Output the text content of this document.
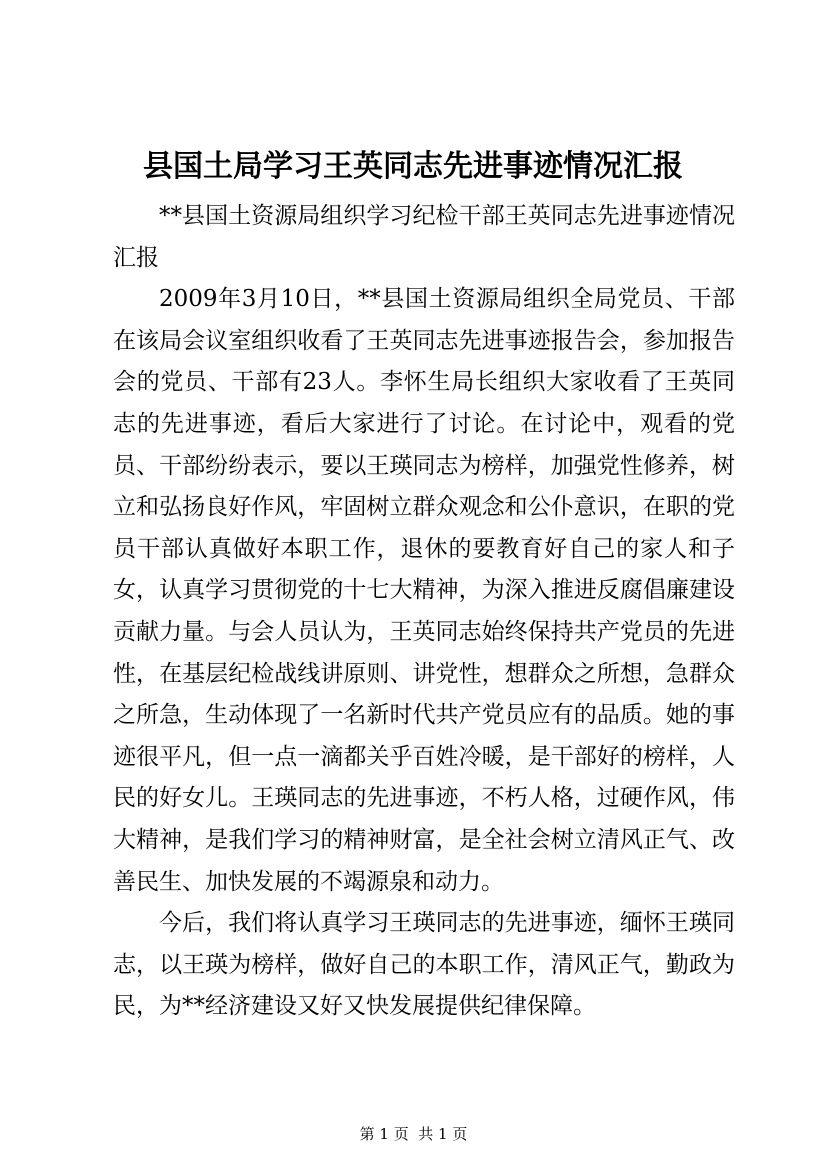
县国土局学习王英同志先进事迹情况汇报

**县国土资源局组织学习纪检干部王英同志先进事迹情况汇报

2009年3月10日，**县国土资源局组织全局党员、干部在该局会议室组织收看了王英同志先进事迹报告会，参加报告会的党员、干部有23人。李怀生局长组织大家收看了王英同志的先进事迹，看后大家进行了讨论。在讨论中，观看的党员、干部纷纷表示，要以王瑛同志为榜样，加强党性修养，树立和弘扬良好作风，牢固树立群众观念和公仆意识，在职的党员干部认真做好本职工作，退休的要教育好自己的家人和子女，认真学习贯彻党的十七大精神，为深入推进反腐倡廉建设贡献力量。与会人员认为，王英同志始终保持共产党员的先进性，在基层纪检战线讲原则、讲党性，想群众之所想，急群众之所急，生动体现了一名新时代共产党员应有的品质。她的事迹很平凡，但一点一滴都关乎百姓冷暖，是干部好的榜样，人民的好女儿。王瑛同志的先进事迹，不朽人格，过硬作风，伟大精神，是我们学习的精神财富，是全社会树立清风正气、改善民生、加快发展的不竭源泉和动力。

今后，我们将认真学习王瑛同志的先进事迹，缅怀王瑛同志，以王瑛为榜样，做好自己的本职工作，清风正气，勤政为民，为**经济建设又好又快发展提供纪律保障。

第 1 页  共 1 页
